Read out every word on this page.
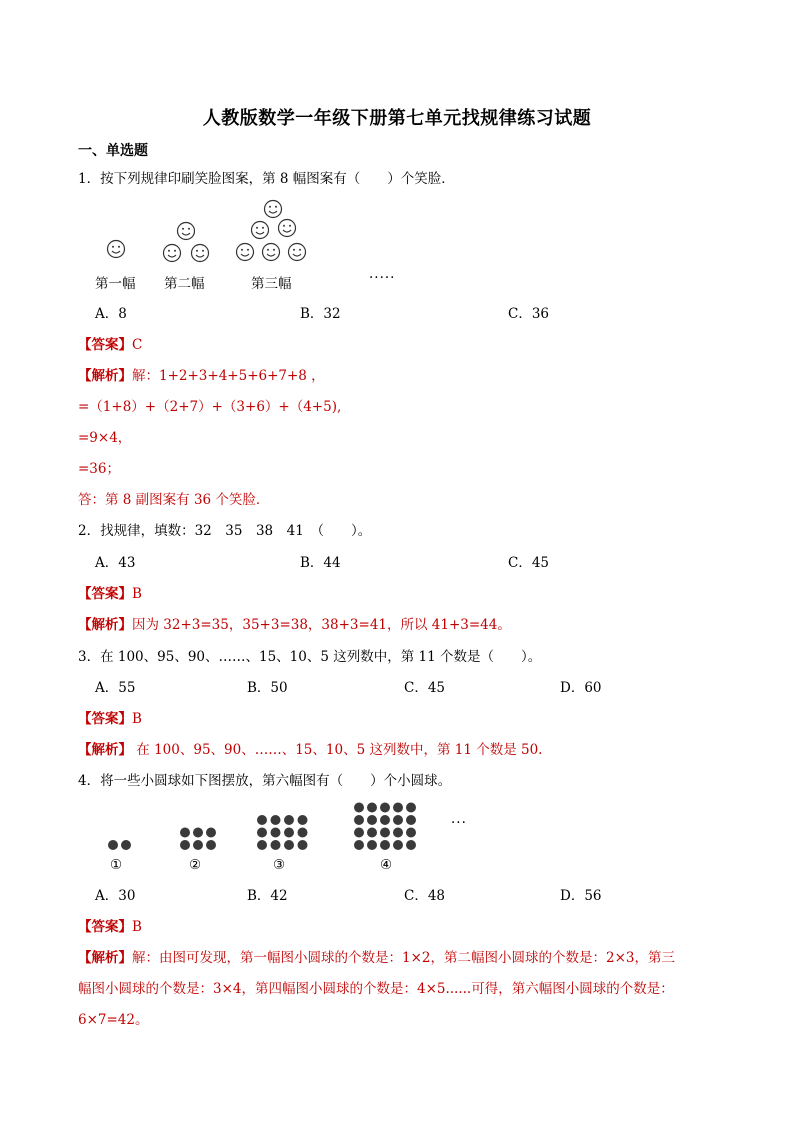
人教版数学一年级下册第七单元找规律练习试题
一、单选题
1．按下列规律印刷笑脸图案，第 8 幅图案有（　　）个笑脸．
第一幅 第二幅	第三幅	·····
A．8	B．32	C．36
【答案】C
【解析】解：1+2+3+4+5+6+7+8 ，
=（1+8）+（2+7）+（3+6）+（4+5),
=9×4，
=36；
答：第 8 副图案有 36 个笑脸．
2．找规律，填数：32　35　38　41　（　　）。
A．43	B．44	C．45
【答案】B
【解析】因为 32+3=35，35+3=38，38+3=41，所以 41+3=44。
3．在 100、95、90、……、15、10、5 这列数中，第 11 个数是（　　）。
A．55	B．50	C．45	D．60
【答案】B
【解析】 在 100、95、90、……、15、10、5 这列数中，第 11 个数是 50.
4．将一些小圆球如下图摆放，第六幅图有（　　）个小圆球。
①	②	③	④
···
A．30	B．42	C．48	D．56
【答案】B
【解析】解：由图可发现，第一幅图小圆球的个数是：1×2，第二幅图小圆球的个数是：2×3，第三
幅图小圆球的个数是：3×4，第四幅图小圆球的个数是：4×5......可得，第六幅图小圆球的个数是：
6×7=42。
